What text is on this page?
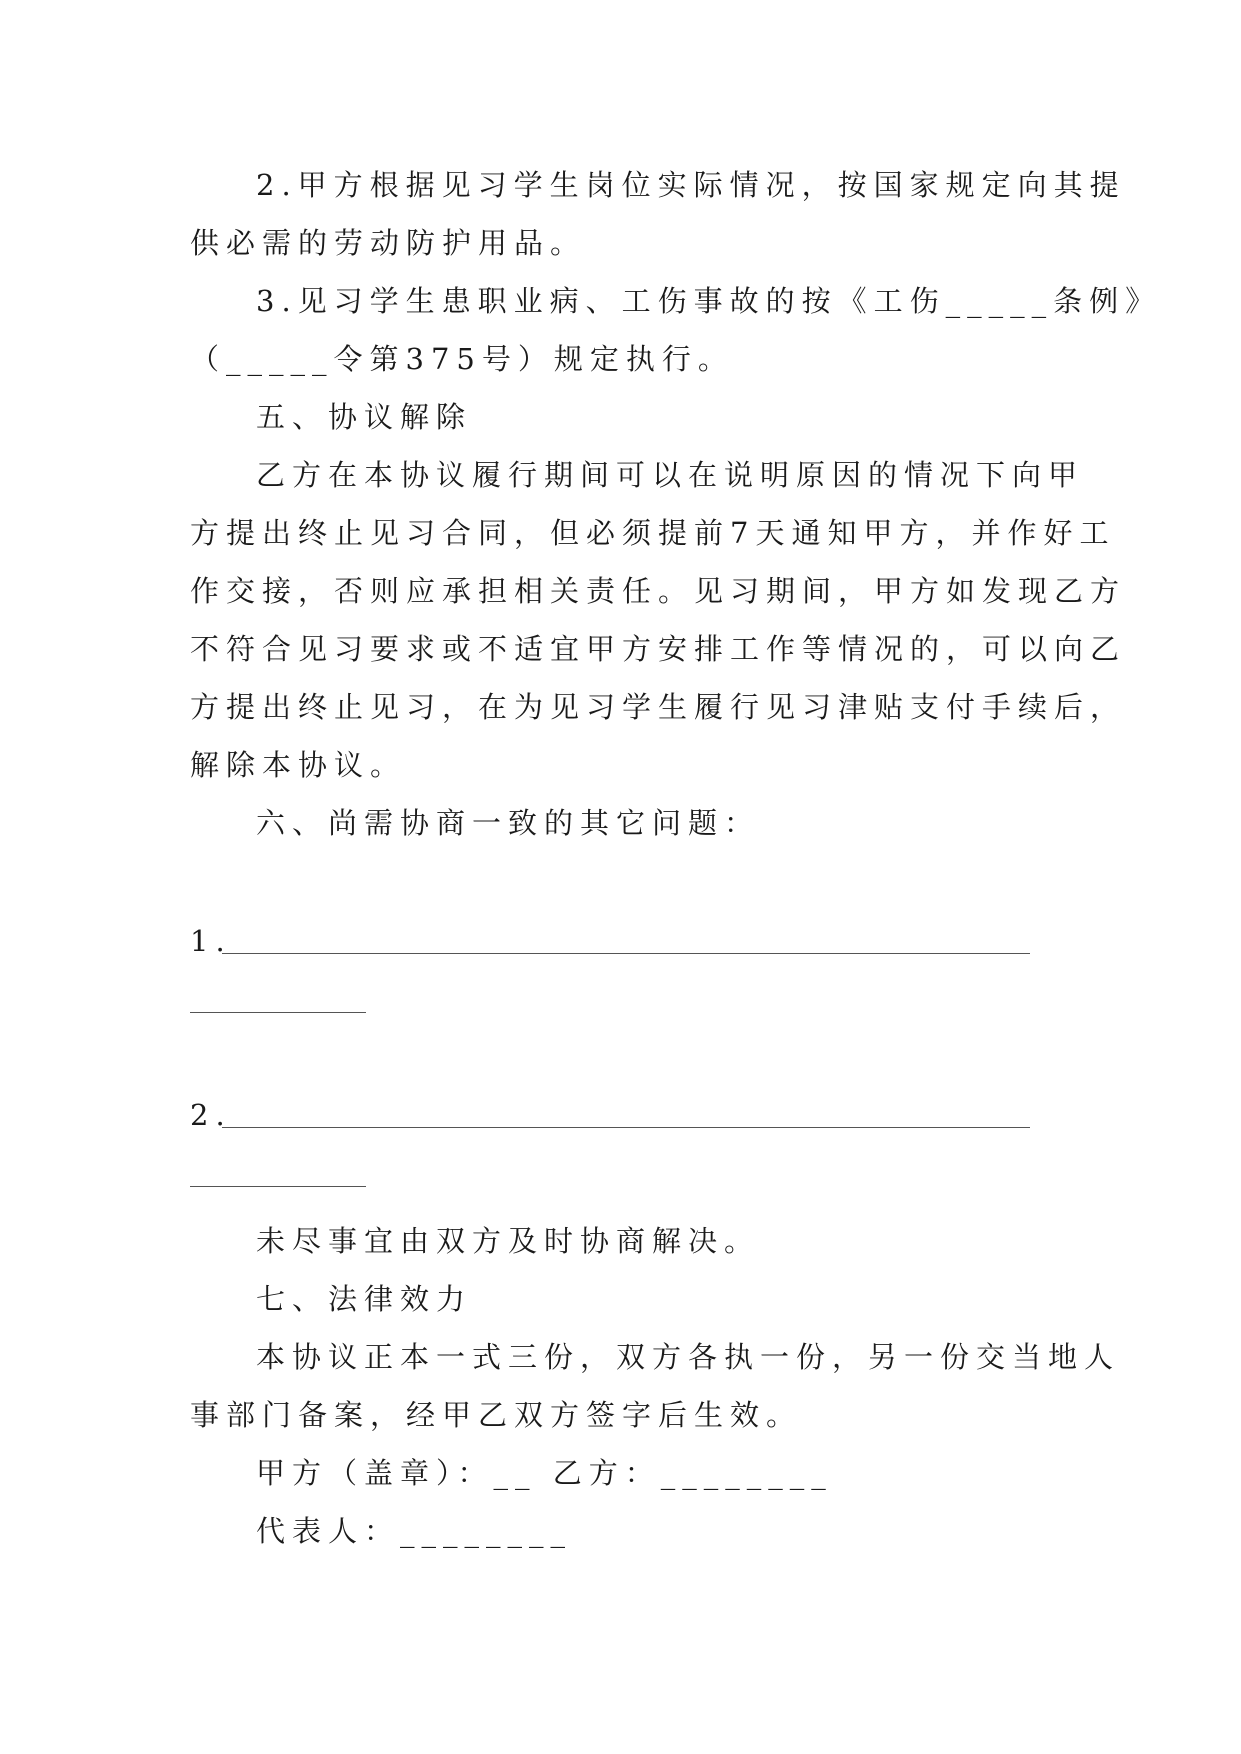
2.甲方根据见习学生岗位实际情况，按国家规定向其提
供必需的劳动防护用品。
3.见习学生患职业病、工伤事故的按《工伤_____条例》
（_____令第375号）规定执行。
五、协议解除
乙方在本协议履行期间可以在说明原因的情况下向甲
方提出终止见习合同，但必须提前7天通知甲方，并作好工
作交接，否则应承担相关责任。见习期间，甲方如发现乙方
不符合见习要求或不适宜甲方安排工作等情况的，可以向乙
方提出终止见习，在为见习学生履行见习津贴支付手续后，
解除本协议。
六、尚需协商一致的其它问题：
1.
2.
未尽事宜由双方及时协商解决。
七、法律效力
本协议正本一式三份，双方各执一份，另一份交当地人
事部门备案，经甲乙双方签字后生效。
甲方（盖章）：__ 乙方：________
代表人：________
